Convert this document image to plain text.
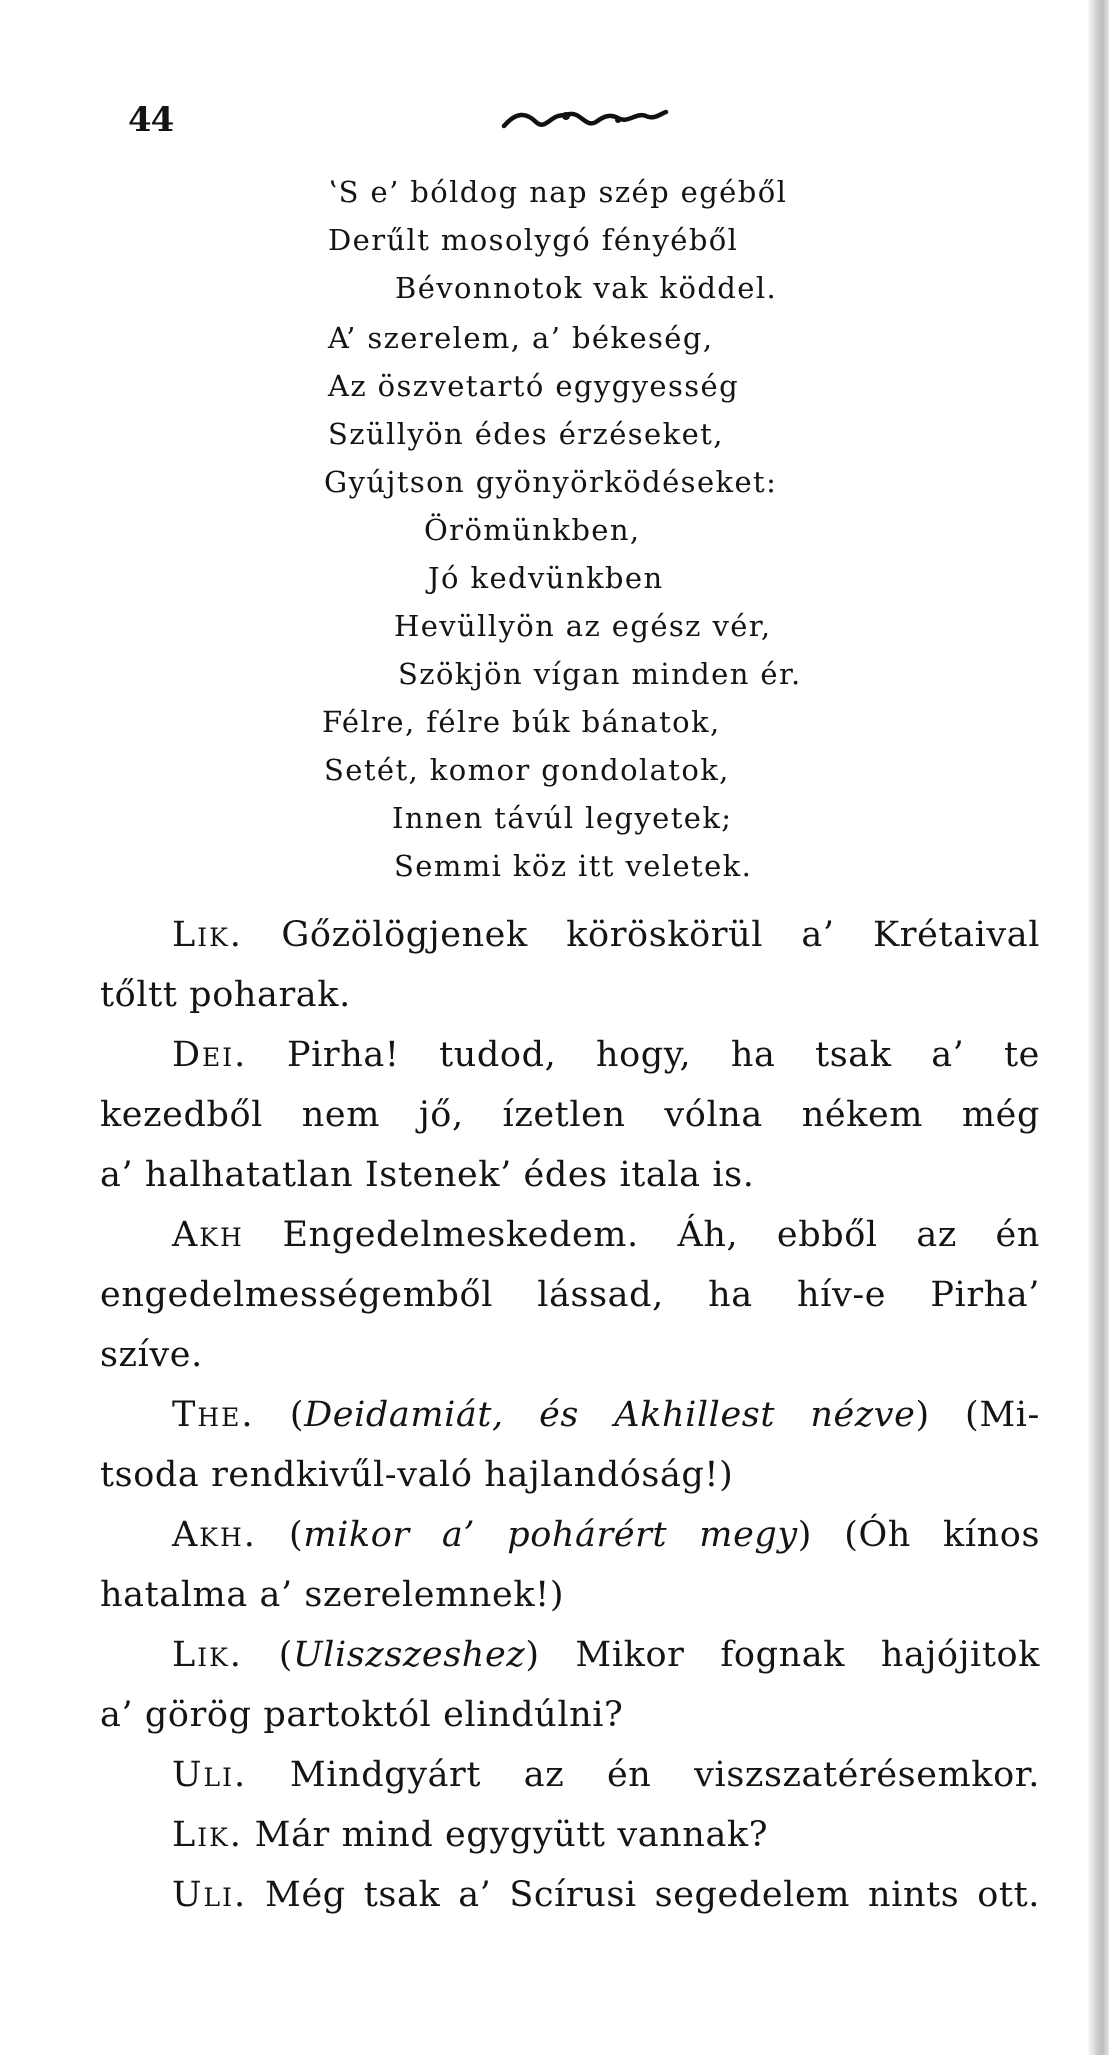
44
ʽS e’ bóldog nap szép egéből
Derűlt mosolygó fényéből
Bévonnotok vak köddel.
A’ szerelem, a’ békeség,
Az öszvetartó egygyesség
Szüllyön édes érzéseket,
Gyújtson gyönyörködéseket:
Örömünkben,
Jó kedvünkben
Hevüllyön az egész vér,
Szökjön vígan minden ér.
Félre, félre búk bánatok,
Setét, komor gondolatok,
Innen távúl legyetek;
Semmi köz itt veletek.
Lik. Gőzölögjenek köröskörül a’ Krétaival
tőltt poharak.
Dei. Pirha! tudod, hogy, ha tsak a’ te
kezedből nem jő, ízetlen vólna nékem még
a’ halhatatlan Istenek’ édes itala is.
Akh Engedelmeskedem. Áh, ebből az én
engedelmességemből lássad, ha hív-e Pirha’
szíve.
The. (Deidamiát, és Akhillest nézve) (Mi-
tsoda rendkivűl-való hajlandóság!)
Akh. (mikor a’ pohárért megy) (Óh kínos
hatalma a’ szerelemnek!)
Lik. (Uliszszeshez) Mikor fognak hajójitok
a’ görög partoktól elindúlni?
Uli. Mindgyárt az én viszszatérésemkor.
Lik. Már mind egygyütt vannak?
Uli. Még tsak a’ Scírusi segedelem nints ott.
